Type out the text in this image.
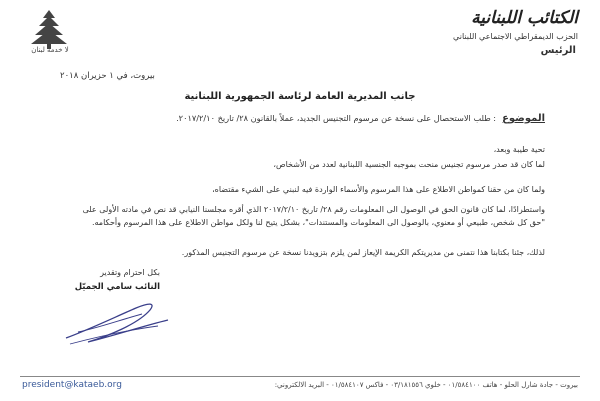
لا خدمة لبنان
الكتائب اللبنانية
الحزب الديمقراطي الاجتماعي اللبناني
الرئيس
بيروت، في ١ حزيران ٢٠١٨
جانب المديرية العامة لرئاسة الجمهورية اللبنانية
الموضوع: طلب الاستحصال على نسخة عن مرسوم التجنيس الجديد، عملاً بالقانون ٢٨/ تاريخ ٢٠١٧/٢/١٠.
تحية طيبة وبعد،
لما كان قد صدر مرسوم تجنيس منحت بموجبه الجنسية اللبنانية لعدد من الأشخاص،
ولما كان من حقنا كمواطن الاطلاع على هذا المرسوم والأسماء الواردة فيه لنبني على الشيء مقتضاه،
واستطرادًا، لما كان قانون الحق في الوصول الى المعلومات رقم ٢٨/ تاريخ ٢٠١٧/٢/١٠ الذي أقره مجلسنا النيابي قد نص في مادته الأولى على "حق كل شخص، طبيعي أو معنوي، بالوصول الى المعلومات والمستندات"، بشكل يتيح لنا ولكل مواطن الاطلاع على هذا المرسوم وأحكامه.
لذلك، جئنا بكتابنا هذا نتمنى من مديريتكم الكريمة الإيعاز لمن يلزم بتزويدنا نسخة عن مرسوم التجنيس المذكور.
بكل احترام وتقدير
النائب سامي الجميّل
president@kataeb.org	بيروت - جادة شارل الحلو - هاتف ٠١/٥٨٤١٠٠ - خلوي ٠٣/١٨١٥٥٦ - فاكس ٠١/٥٨٤١٠٧ - البريد الالكتروني:
